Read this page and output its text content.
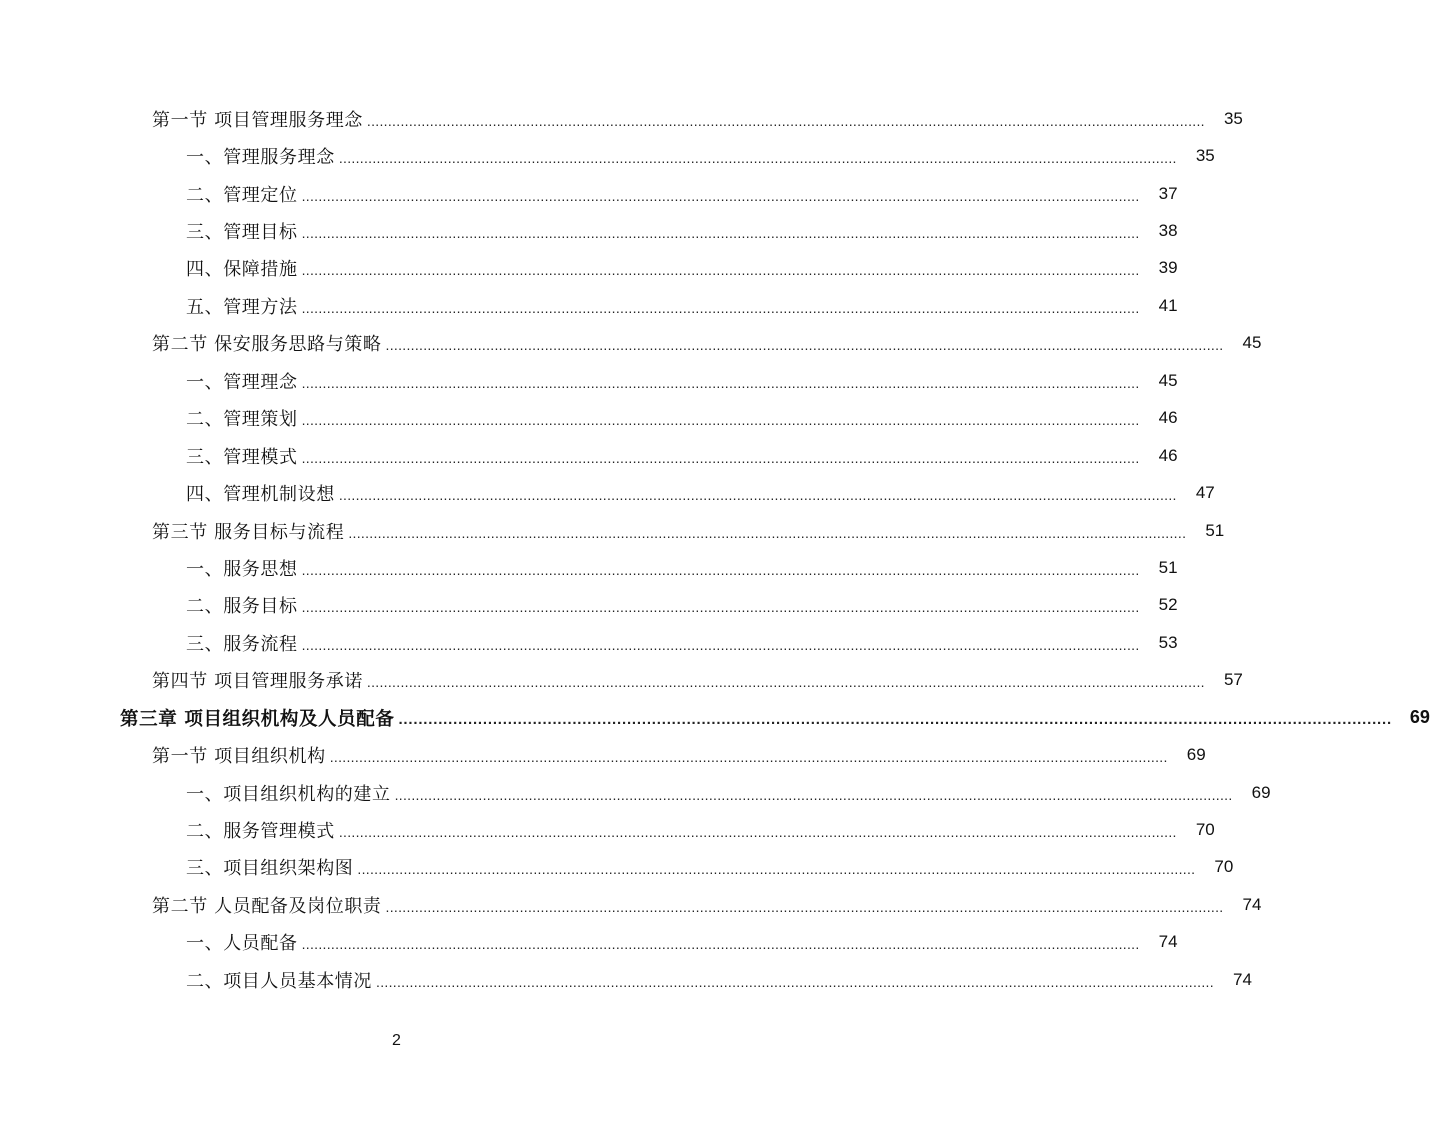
第一节 项目管理服务理念 ........................................................................................................................................................................................................	35
一、管理服务理念 ........................................................................................................................................................................................................	35
二、管理定位 ........................................................................................................................................................................................................	37
三、管理目标 ........................................................................................................................................................................................................	38
四、保障措施 ........................................................................................................................................................................................................	39
五、管理方法 ........................................................................................................................................................................................................	41
第二节 保安服务思路与策略 ........................................................................................................................................................................................................	45
一、管理理念 ........................................................................................................................................................................................................	45
二、管理策划 ........................................................................................................................................................................................................	46
三、管理模式 ........................................................................................................................................................................................................	46
四、管理机制设想 ........................................................................................................................................................................................................	47
第三节 服务目标与流程 ........................................................................................................................................................................................................	51
一、服务思想 ........................................................................................................................................................................................................	51
二、服务目标 ........................................................................................................................................................................................................	52
三、服务流程 ........................................................................................................................................................................................................	53
第四节 项目管理服务承诺 ........................................................................................................................................................................................................	57
第三章 项目组织机构及人员配备 ........................................................................................................................................................................................................ 69
第一节 项目组织机构 ........................................................................................................................................................................................................	69
一、项目组织机构的建立 ........................................................................................................................................................................................................	69
二、服务管理模式 ........................................................................................................................................................................................................	70
三、项目组织架构图 ........................................................................................................................................................................................................	70
第二节 人员配备及岗位职责 ........................................................................................................................................................................................................	74
一、人员配备 ........................................................................................................................................................................................................	74
二、项目人员基本情况 ........................................................................................................................................................................................................	74
2
